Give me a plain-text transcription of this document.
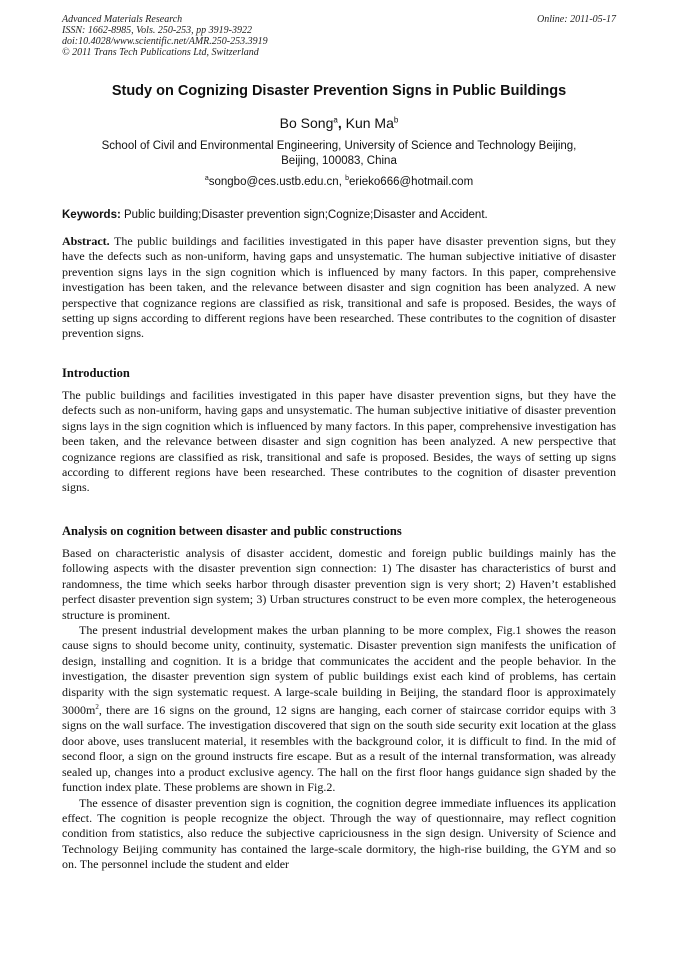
Advanced Materials Research
ISSN: 1662-8985, Vols. 250-253, pp 3919-3922
doi:10.4028/www.scientific.net/AMR.250-253.3919
© 2011 Trans Tech Publications Ltd, Switzerland
Online: 2011-05-17
Study on Cognizing Disaster Prevention Signs in Public Buildings
Bo Song$^a$, Kun Ma$^b$
School of Civil and Environmental Engineering, University of Science and Technology Beijing,
Beijing, 100083, China
$^a$songbo@ces.ustb.edu.cn, $^b$erieko666@hotmail.com
Keywords: Public building;Disaster prevention sign;Cognize;Disaster and Accident.
Abstract. The public buildings and facilities investigated in this paper have disaster prevention signs, but they have the defects such as non-uniform, having gaps and unsystematic. The human subjective initiative of disaster prevention signs lays in the sign cognition which is influenced by many factors. In this paper, comprehensive investigation has been taken, and the relevance between disaster and sign cognition has been analyzed. A new perspective that cognizance regions are classified as risk, transitional and safe is proposed. Besides, the ways of setting up signs according to different regions have been researched. These contributes to the cognition of disaster prevention signs.
Introduction
The public buildings and facilities investigated in this paper have disaster prevention signs, but they have the defects such as non-uniform, having gaps and unsystematic. The human subjective initiative of disaster prevention signs lays in the sign cognition which is influenced by many factors. In this paper, comprehensive investigation has been taken, and the relevance between disaster and sign cognition has been analyzed. A new perspective that cognizance regions are classified as risk, transitional and safe is proposed. Besides, the ways of setting up signs according to different regions have been researched. These contributes to the cognition of disaster prevention signs.
Analysis on cognition between disaster and public constructions

Based on characteristic analysis of disaster accident, domestic and foreign public buildings mainly has the following aspects with the disaster prevention sign connection: 1) The disaster has characteristics of burst and randomness, the time which seeks harbor through disaster prevention sign is very short; 2) Haven’t established perfect disaster prevention sign system; 3) Urban structures construct to be even more complex, the heterogeneous structure is prominent.

The present industrial development makes the urban planning to be more complex, Fig.1 showes the reason cause signs to should become unity, continuity, systematic. Disaster prevention sign manifests the unification of design, installing and cognition. It is a bridge that communicates the accident and the people behavior. In the investigation, the disaster prevention sign system of public buildings exist each kind of problems, has certain disparity with the sign systematic request. A large-scale building in Beijing, the standard floor is approximately $3000m^2$, there are 16 signs on the ground, 12 signs are hanging, each corner of staircase corridor equips with 3 signs on the wall surface. The investigation discovered that sign on the south side security exit location at the glass door above, uses translucent material, it resembles with the background color, it is difficult to find. In the mid of second floor, a sign on the ground instructs fire escape. But as a result of the internal transformation, was already sealed up, changes into a product exclusive agency. The hall on the first floor hangs guidance sign shaded by the function index plate. These problems are shown in Fig.2.

The essence of disaster prevention sign is cognition, the cognition degree immediate influences its application effect. The cognition is people recognize the object. Through the way of questionnaire, may reflect cognition condition from statistics, also reduce the subjective capriciousness in the sign design. University of Science and Technology Beijing community has contained the large-scale dormitory, the high-rise building, the GYM and so on. The personnel include the student and elder
